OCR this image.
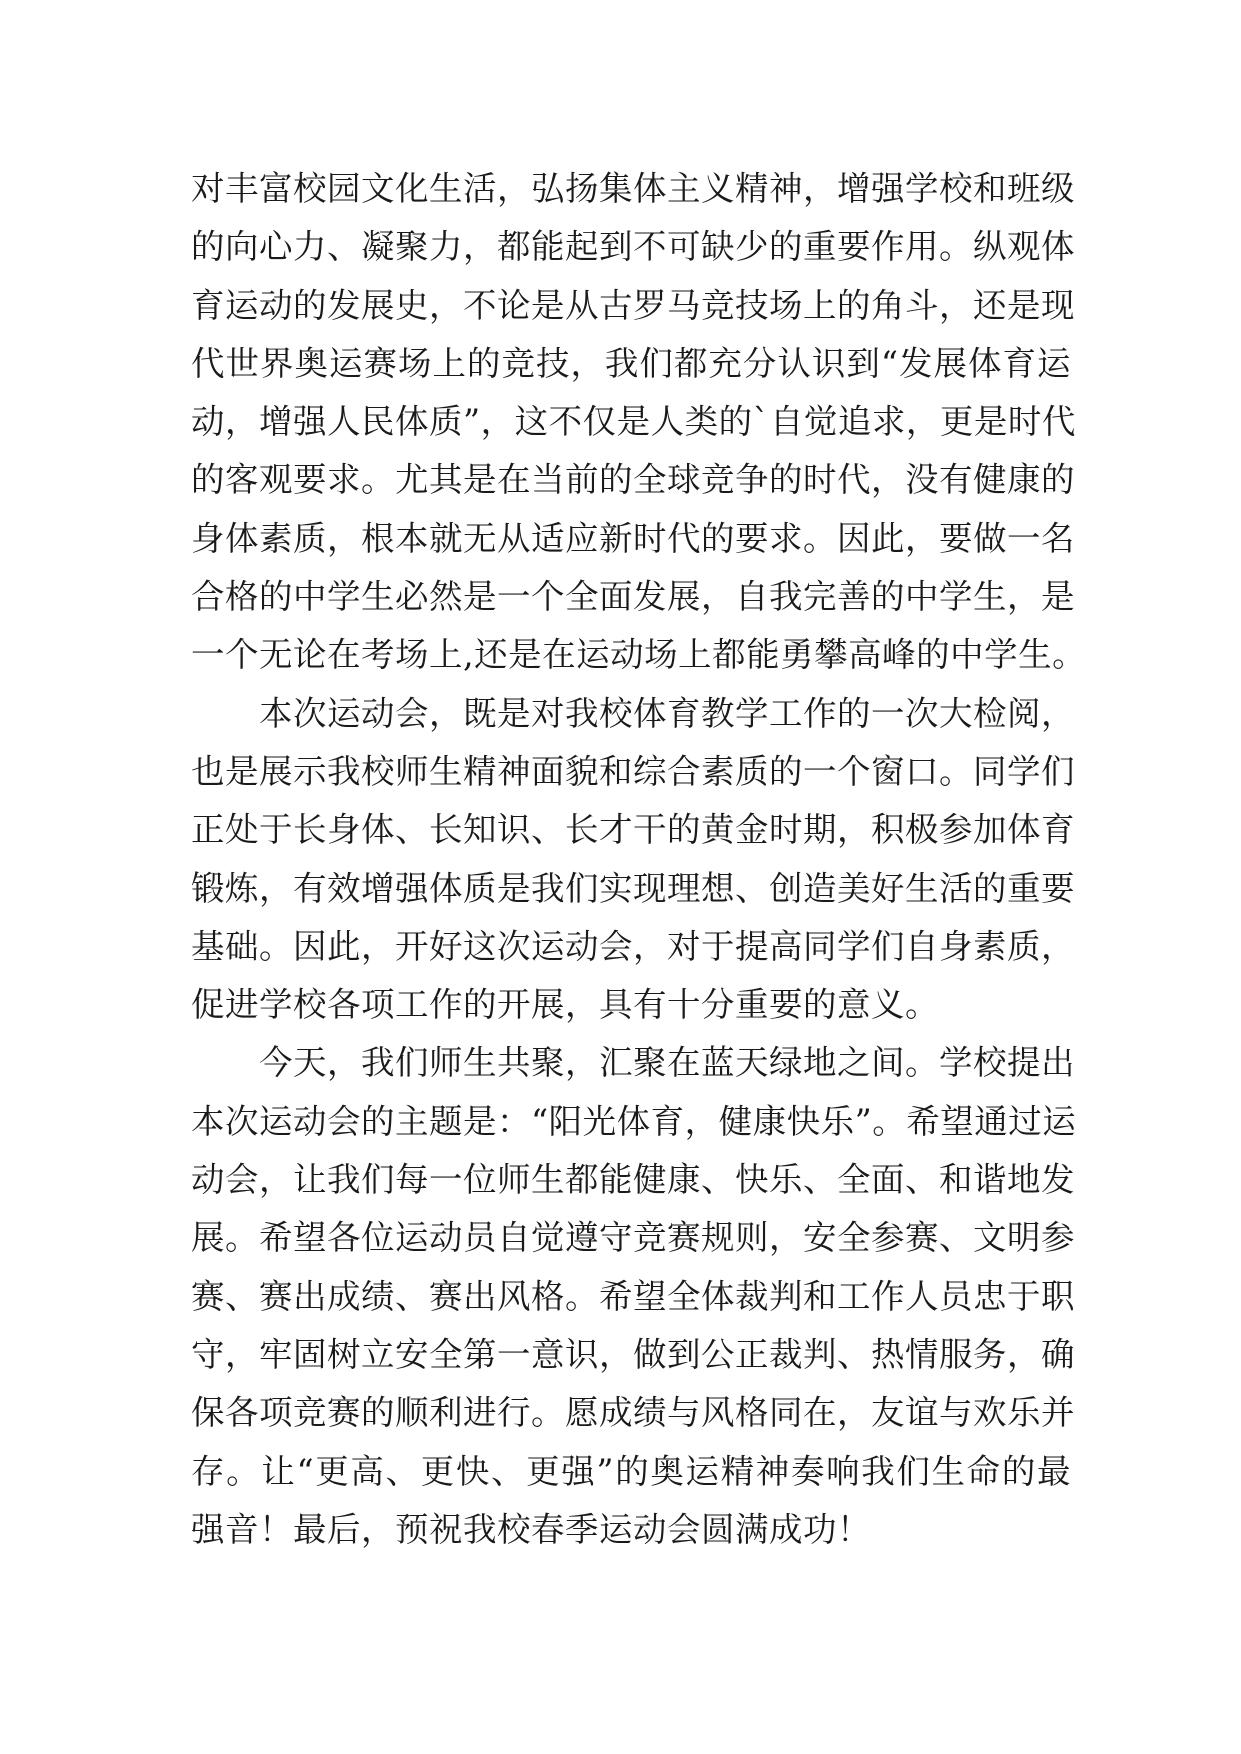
对丰富校园文化生活，弘扬集体主义精神，增强学校和班级
的向心力、凝聚力，都能起到不可缺少的重要作用。纵观体
育运动的发展史，不论是从古罗马竞技场上的角斗，还是现
代世界奥运赛场上的竞技，我们都充分认识到“发展体育运
动，增强人民体质”，这不仅是人类的`自觉追求，更是时代
的客观要求。尤其是在当前的全球竞争的时代，没有健康的
身体素质，根本就无从适应新时代的要求。因此，要做一名
合格的中学生必然是一个全面发展，自我完善的中学生，是
一个无论在考场上,还是在运动场上都能勇攀高峰的中学生。
本次运动会，既是对我校体育教学工作的一次大检阅，
也是展示我校师生精神面貌和综合素质的一个窗口。同学们
正处于长身体、长知识、长才干的黄金时期，积极参加体育
锻炼，有效增强体质是我们实现理想、创造美好生活的重要
基础。因此，开好这次运动会，对于提高同学们自身素质，
促进学校各项工作的开展，具有十分重要的意义。
今天，我们师生共聚，汇聚在蓝天绿地之间。学校提出
本次运动会的主题是：“阳光体育，健康快乐”。希望通过运
动会，让我们每一位师生都能健康、快乐、全面、和谐地发
展。希望各位运动员自觉遵守竞赛规则，安全参赛、文明参
赛、赛出成绩、赛出风格。希望全体裁判和工作人员忠于职
守，牢固树立安全第一意识，做到公正裁判、热情服务，确
保各项竞赛的顺利进行。愿成绩与风格同在，友谊与欢乐并
存。让“更高、更快、更强”的奥运精神奏响我们生命的最
强音！最后，预祝我校春季运动会圆满成功！
